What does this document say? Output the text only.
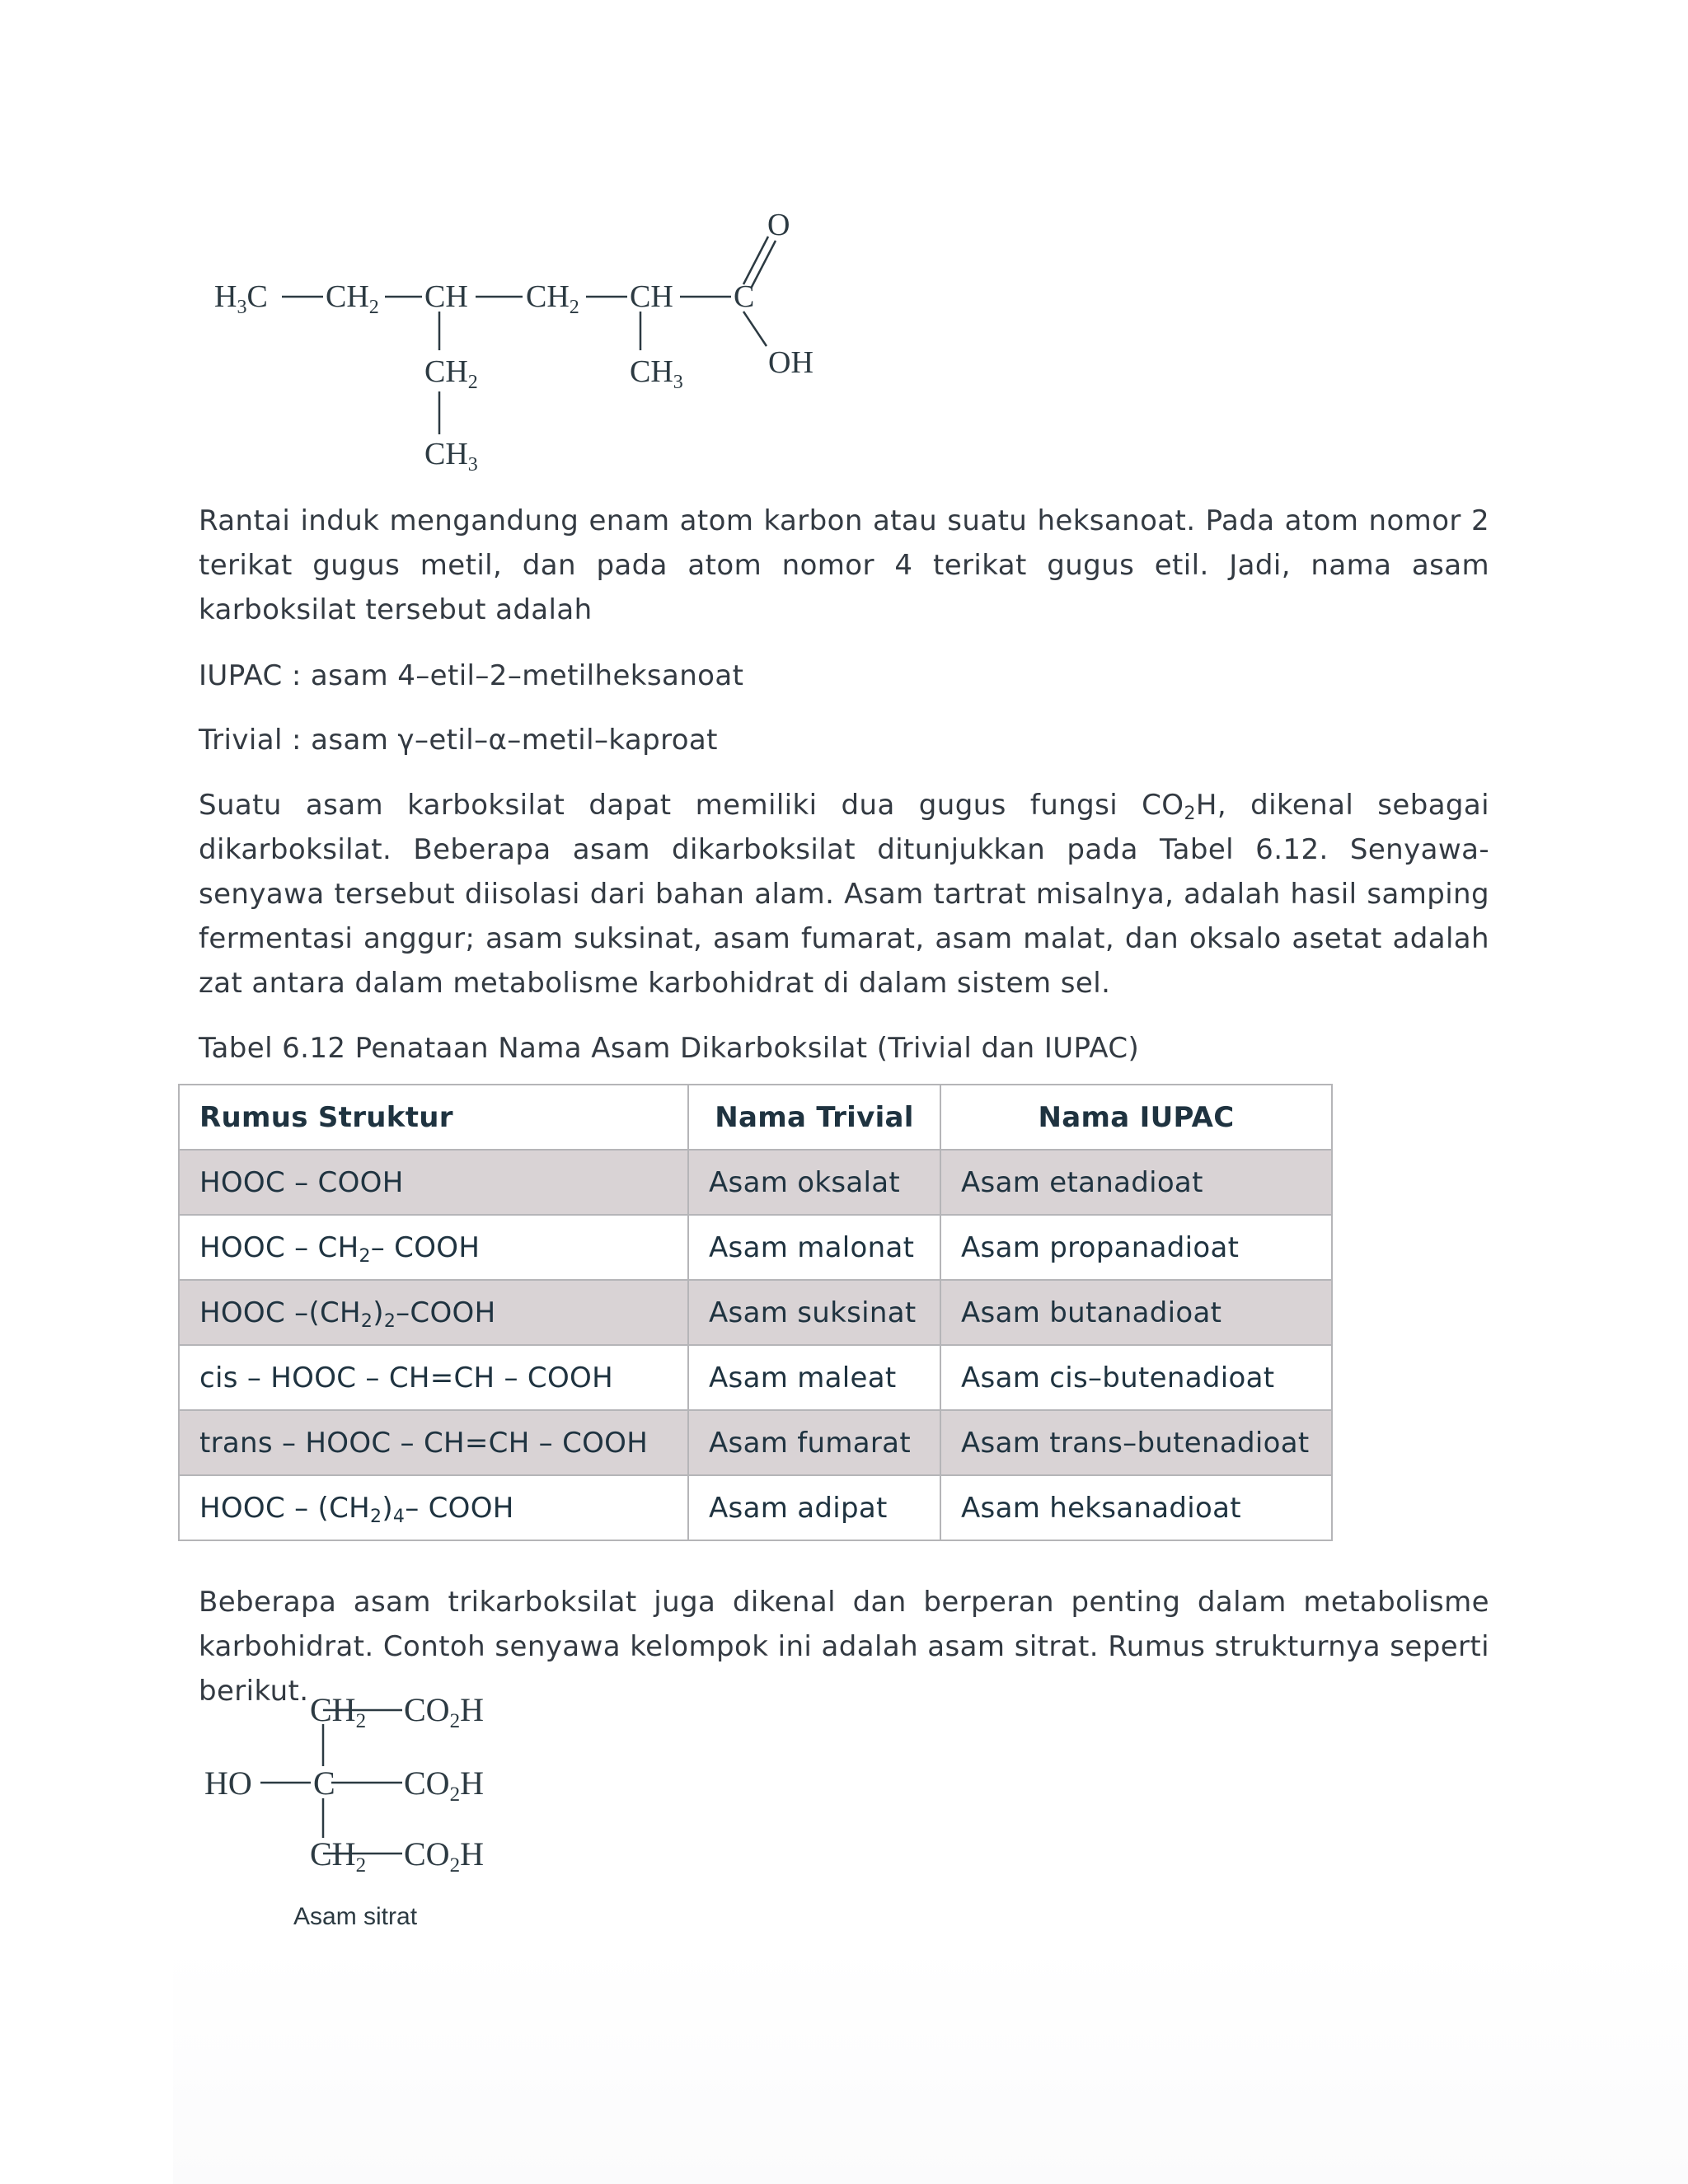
$H_3C$ $CH_2$ CH $CH_2$ CH C
O
OH
$CH_2$	$CH_3$
$CH_3$

Rantai induk mengandung enam atom karbon atau suatu heksanoat. Pada atom nomor 2 terikat gugus metil, dan pada atom nomor 4 terikat gugus etil. Jadi, nama asam karboksilat tersebut adalah

IUPAC : asam 4–etil–2–metilheksanoat

Trivial : asam γ–etil–α–metil–kaproat

Suatu asam karboksilat dapat memiliki dua gugus fungsi $CO_2H$, dikenal sebagai dikarboksilat. Beberapa asam dikarboksilat ditunjukkan pada Tabel 6.12. Senyawa-senyawa tersebut diisolasi dari bahan alam. Asam tartrat misalnya, adalah hasil samping fermentasi anggur; asam suksinat, asam fumarat, asam malat, dan oksalo asetat adalah zat antara dalam metabolisme karbohidrat di dalam sistem sel.

Tabel 6.12 Penataan Nama Asam Dikarboksilat (Trivial dan IUPAC)

Rumus Struktur	Nama Trivial	Nama IUPAC
HOOC – COOH	Asam oksalat	Asam etanadioat
HOOC – $CH_2-$ COOH	Asam malonat	Asam propanadioat
HOOC $-(CH_2)_2$–COOH	Asam suksinat	Asam butanadioat
cis – HOOC – CH=CH – COOH	Asam maleat	Asam cis–butenadioat
trans – HOOC – CH=CH – COOH	Asam fumarat	Asam trans–butenadioat
HOOC – $(CH_2)_4-$ COOH	Asam adipat	Asam heksanadioat

Beberapa asam trikarboksilat juga dikenal dan berperan penting dalam metabolisme karbohidrat. Contoh senyawa kelompok ini adalah asam sitrat. Rumus strukturnya seperti berikut. $CH_2$ $CO_2H$
HO C $CO_2H$
$CH_2$ $CO_2H$
Asam sitrat
